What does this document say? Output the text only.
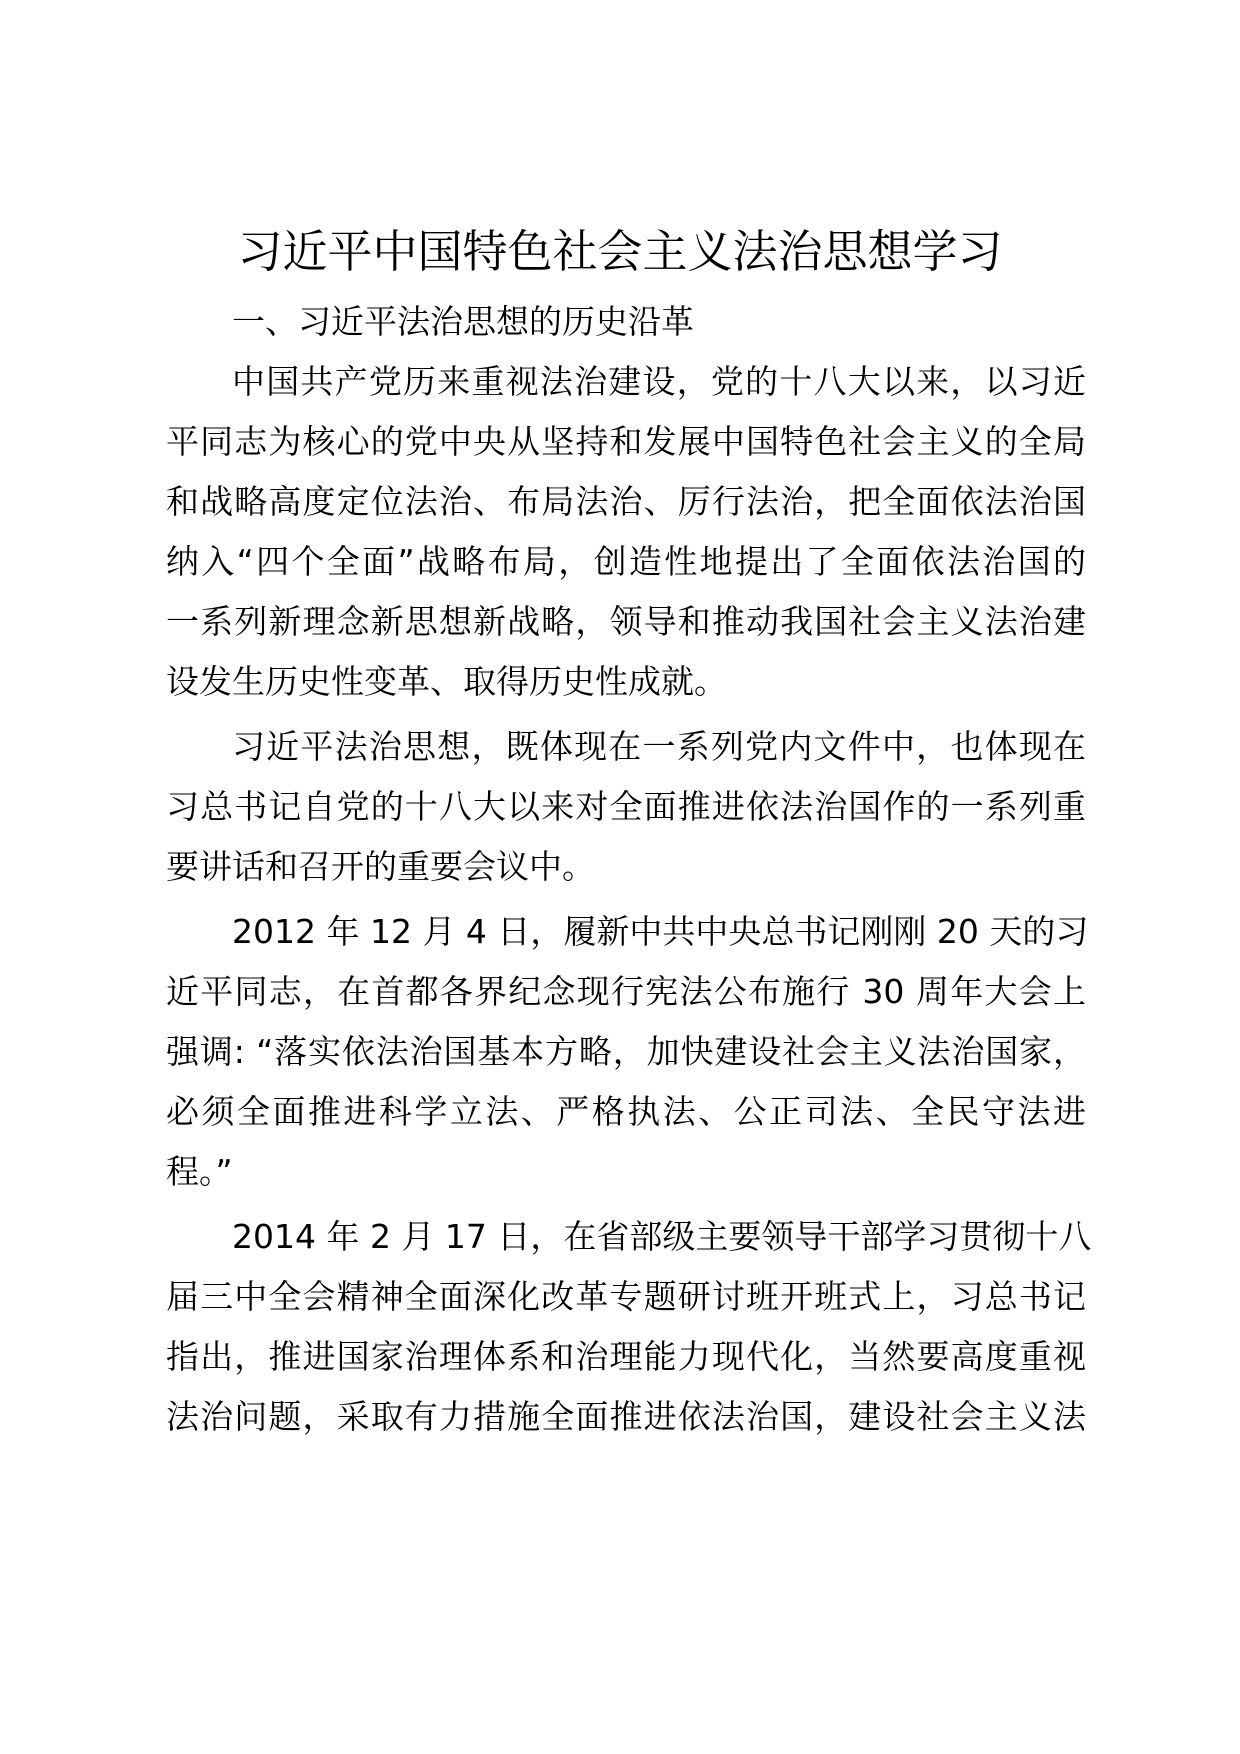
习近平中国特色社会主义法治思想学习
一、习近平法治思想的历史沿革
中国共产党历来重视法治建设，党的十八大以来，以习近
平同志为核心的党中央从坚持和发展中国特色社会主义的全局
和战略高度定位法治、布局法治、厉行法治，把全面依法治国
纳入“四个全面”战略布局，创造性地提出了全面依法治国的
一系列新理念新思想新战略，领导和推动我国社会主义法治建
设发生历史性变革、取得历史性成就。
习近平法治思想，既体现在一系列党内文件中，也体现在
习总书记自党的十八大以来对全面推进依法治国作的一系列重
要讲话和召开的重要会议中。
2012 年 12 月 4 日，履新中共中央总书记刚刚 20 天的习
近平同志，在首都各界纪念现行宪法公布施行 30 周年大会上
强调: “落实依法治国基本方略，加快建设社会主义法治国家，
必须全面推进科学立法、严格执法、公正司法、全民守法进
程。”
2014 年 2 月 17 日，在省部级主要领导干部学习贯彻十八
届三中全会精神全面深化改革专题研讨班开班式上，习总书记
指出，推进国家治理体系和治理能力现代化，当然要高度重视
法治问题，采取有力措施全面推进依法治国，建设社会主义法
